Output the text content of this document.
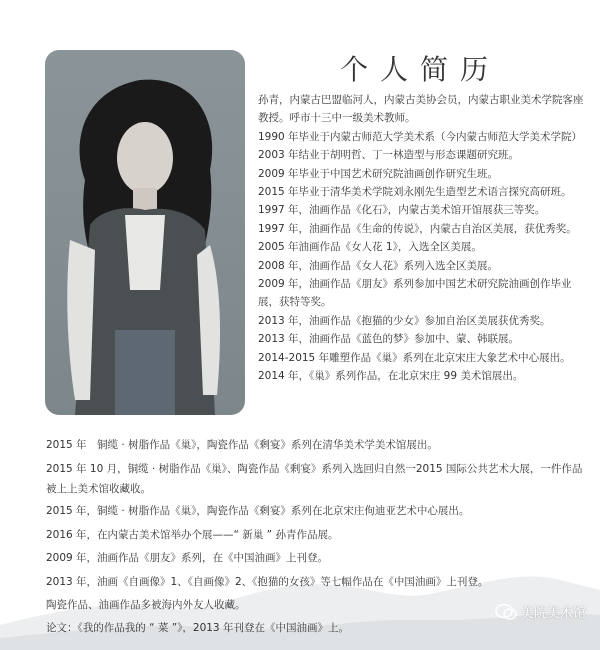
个人简历

孙青，内蒙古巴盟临河人，内蒙古美协会员，内蒙古职业美术学院客座教授。呼市十三中一级美术教师。

1990 年毕业于内蒙古师范大学美术系（今内蒙古师范大学美术学院）

2003 年结业于胡明哲、丁一林造型与形态课题研究班。

2009 年毕业于中国艺术研究院油画创作研究生班。

2015 年毕业于清华美术学院刘永刚先生造型艺术语言探究高研班。

1997 年，油画作品《化石》，内蒙古美术馆开馆展获三等奖。

1997 年，油画作品《生命的传说》，内蒙古自治区美展，获优秀奖。

2005 年油画作品《女人花 1》，入选全区美展。

2008 年，油画作品《女人花》系列入选全区美展。

2009 年，油画作品《朋友》系列参加中国艺术研究院油画创作毕业展，获特等奖。

2013 年，油画作品《抱猫的少女》参加自治区美展获优秀奖。

2013 年，油画作品《蓝色的梦》参加中、蒙、韩联展。

2014-2015 年雕塑作品《巢》系列在北京宋庄大象艺术中心展出。

2014 年，《巢》系列作品，在北京宋庄 99 美术馆展出。

2015 年　铜缆 · 树脂作品《巢》，陶瓷作品《剩宴》系列在清华美术学美术馆展出。

2015 年 10 月，铜缆 · 树脂作品《巢》、陶瓷作品《剩宴》系列入选回归自然一2015 国际公共艺术大展，一件作品被上上美术馆收藏收。

2015 年，铜缆 · 树脂作品《巢》，陶瓷作品《剩宴》系列在北京宋庄佝迪亚艺术中心展出。

2016 年，在内蒙古美术馆举办个展——“ 新巢 ” 孙青作品展。

2009 年，油画作品《朋友》系列，在《中国油画》上刊登。

2013 年，油画《自画像》1、《自画像》2、《抱猫的女孩》等七幅作品在《中国油画》上刊登。

陶瓷作品、油画作品多被海内外友人收藏。

论文：《我的作品我的 “ 菜 ”》，2013 年刊登在《中国油画》上。

美院美术馆
